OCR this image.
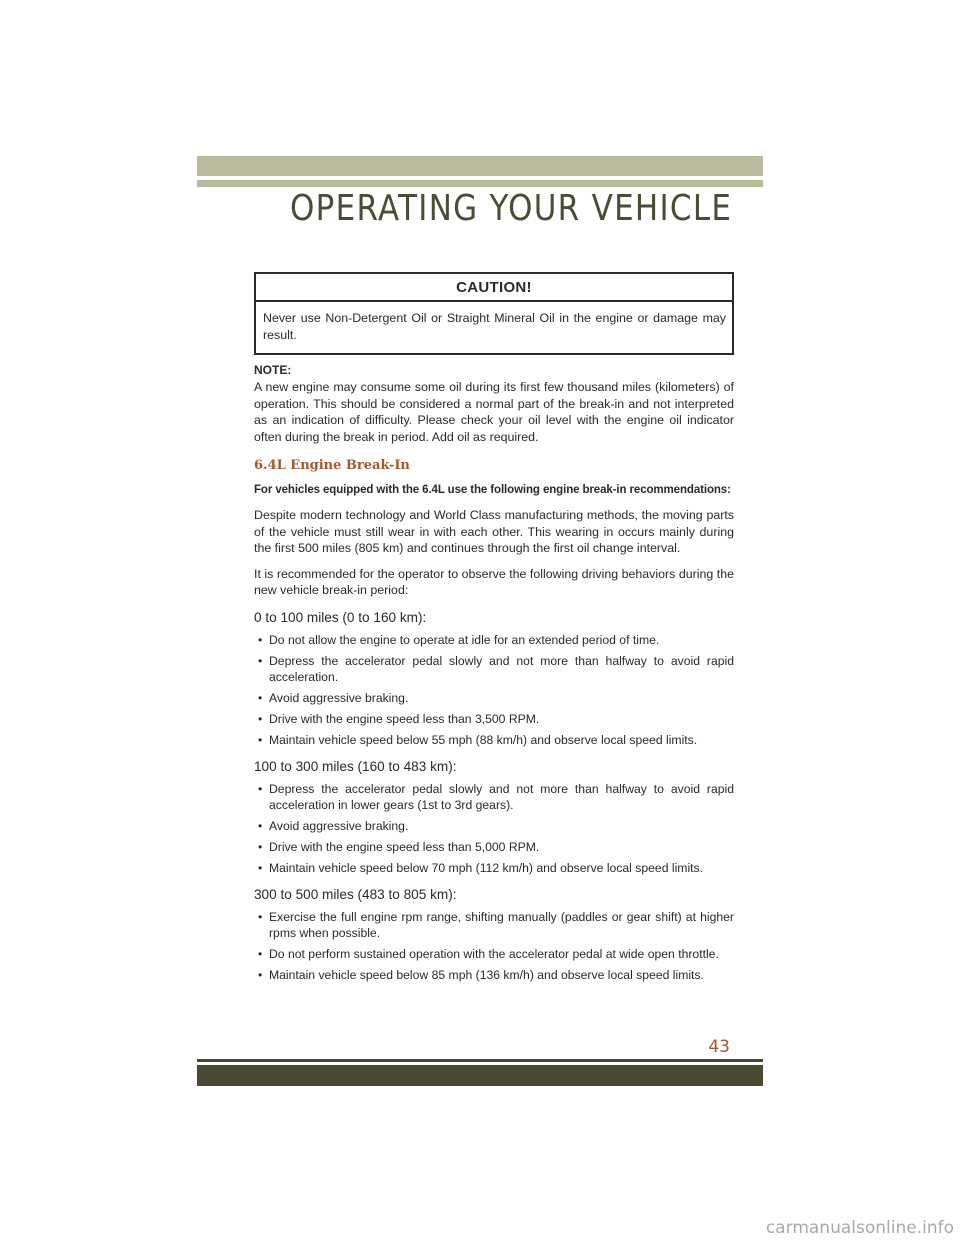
OPERATING YOUR VEHICLE
CAUTION!
Never use Non-Detergent Oil or Straight Mineral Oil in the engine or damage may result.
NOTE:

A new engine may consume some oil during its first few thousand miles (kilometers) of operation. This should be considered a normal part of the break-in and not interpreted as an indication of difficulty. Please check your oil level with the engine oil indicator often during the break in period. Add oil as required.

6.4L Engine Break-In
For vehicles equipped with the 6.4L use the following engine break-in recommendations:

Despite modern technology and World Class manufacturing methods, the moving parts of the vehicle must still wear in with each other. This wearing in occurs mainly during the first 500 miles (805 km) and continues through the first oil change interval.

It is recommended for the operator to observe the following driving behaviors during the new vehicle break-in period:

0 to 100 miles (0 to 160 km):
• Do not allow the engine to operate at idle for an extended period of time.
• Depress the accelerator pedal slowly and not more than halfway to avoid rapid acceleration.
• Avoid aggressive braking.
• Drive with the engine speed less than 3,500 RPM.
• Maintain vehicle speed below 55 mph (88 km/h) and observe local speed limits.
100 to 300 miles (160 to 483 km):
• Depress the accelerator pedal slowly and not more than halfway to avoid rapid acceleration in lower gears (1st to 3rd gears).
• Avoid aggressive braking.
• Drive with the engine speed less than 5,000 RPM.
• Maintain vehicle speed below 70 mph (112 km/h) and observe local speed limits.
300 to 500 miles (483 to 805 km):
• Exercise the full engine rpm range, shifting manually (paddles or gear shift) at higher rpms when possible.
• Do not perform sustained operation with the accelerator pedal at wide open throttle.
• Maintain vehicle speed below 85 mph (136 km/h) and observe local speed limits.
43
carmanualsonline.info
